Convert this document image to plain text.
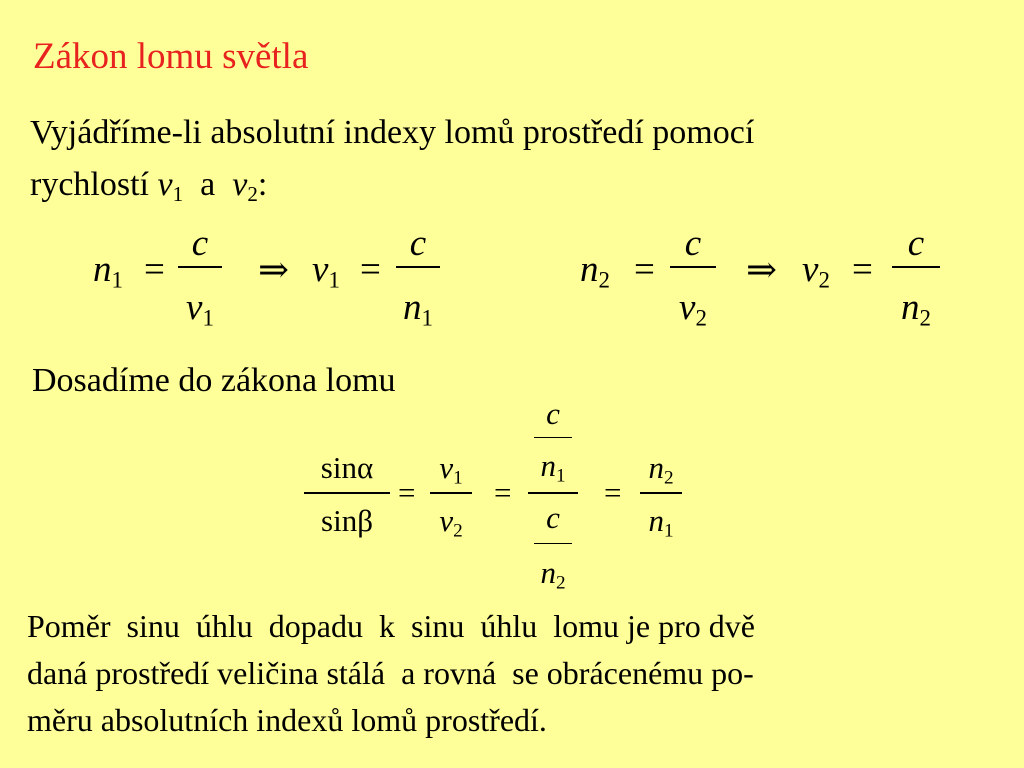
Zákon lomu světla
Vyjádříme-li absolutní indexy lomů prostředí pomocí
rychlostí $v_1$  a  $v_2$:
$n_1$ =
c
$v_1$
⇒ $v_1$ =
c
$n_1$
$n_2$ =
c
$v_2$
⇒ $v_2$ =
c
$n_2$
Dosadíme do zákona lomu
sinα
sinβ
=
$v_1$
$v_2$
=
c
$n_1$
c
$n_2$
=
$n_2$
$n_1$
Poměr  sinu  úhlu  dopadu  k  sinu  úhlu  lomu je pro dvě
daná prostředí veličina stálá  a rovná  se obrácenému po-
měru absolutních indexů lomů prostředí.
